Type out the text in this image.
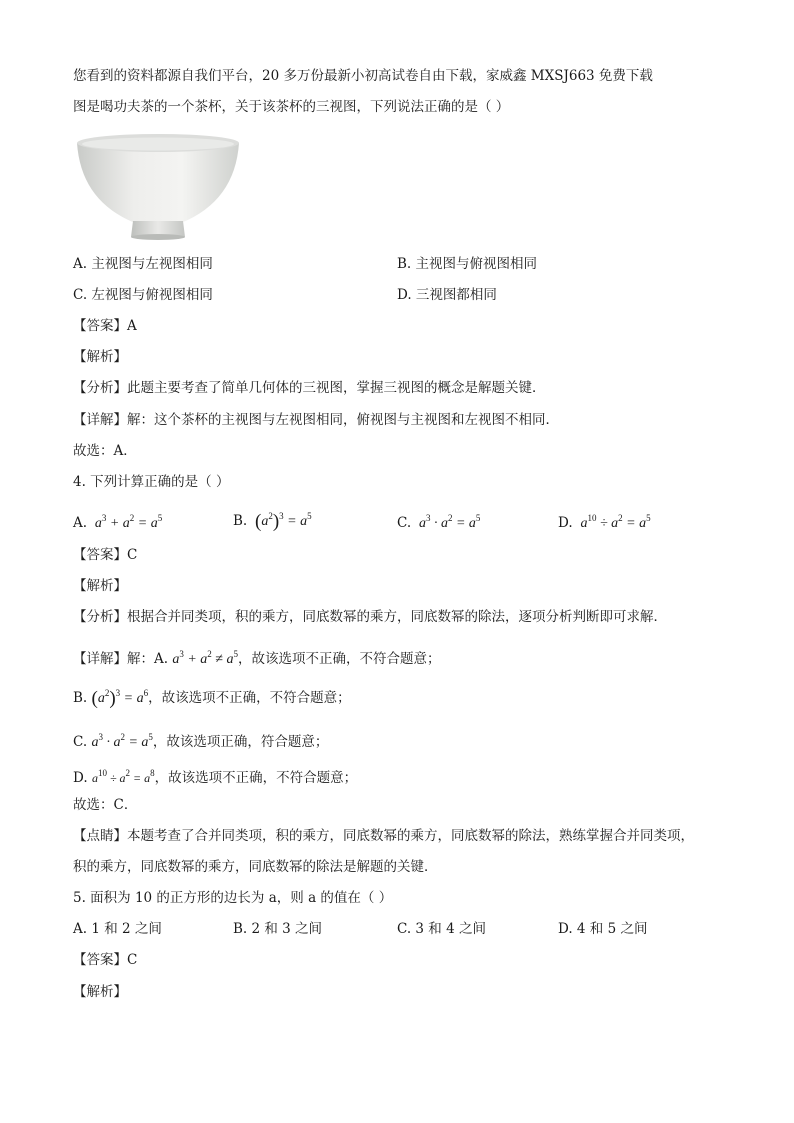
您看到的资料都源自我们平台，20 多万份最新小初高试卷自由下载，家威鑫 MXSJ663 免费下载
图是喝功夫茶的一个茶杯，关于该茶杯的三视图，下列说法正确的是（ ）
A. 主视图与左视图相同	B. 主视图与俯视图相同
C. 左视图与俯视图相同	D. 三视图都相同
【答案】A
【解析】
【分析】此题主要考查了简单几何体的三视图，掌握三视图的概念是解题关键．
【详解】解：这个茶杯的主视图与左视图相同，俯视图与主视图和左视图不相同．
故选：A．
4. 下列计算正确的是（ ）
A.  $a^3 + a^2 = a^5$	B. $(a^2)^3 = a^5$	C.  $a^3 \cdot a^2 = a^5$	D.  $a^{10} \div a^2 = a^5$
【答案】C
【解析】
【分析】根据合并同类项，积的乘方，同底数幂的乘方，同底数幂的除法，逐项分析判断即可求解．
【详解】解：A. $a^3 + a^2 \ne a^5$，故该选项不正确，不符合题意；
B. $(a^2)^3 = a^6$，故该选项不正确，不符合题意；
C. $a^3 \cdot a^2 = a^5$，故该选项正确，符合题意；
D. $a^{10} \div a^2 = a^8$，故该选项不正确，不符合题意；
故选：C．
【点睛】本题考查了合并同类项，积的乘方，同底数幂的乘方，同底数幂的除法，熟练掌握合并同类项，
积的乘方，同底数幂的乘方，同底数幂的除法是解题的关键．
5. 面积为 10 的正方形的边长为 a，则 a 的值在（ ）
A. 1 和 2 之间	B. 2 和 3 之间	C. 3 和 4 之间	D. 4 和 5 之间
【答案】C
【解析】
